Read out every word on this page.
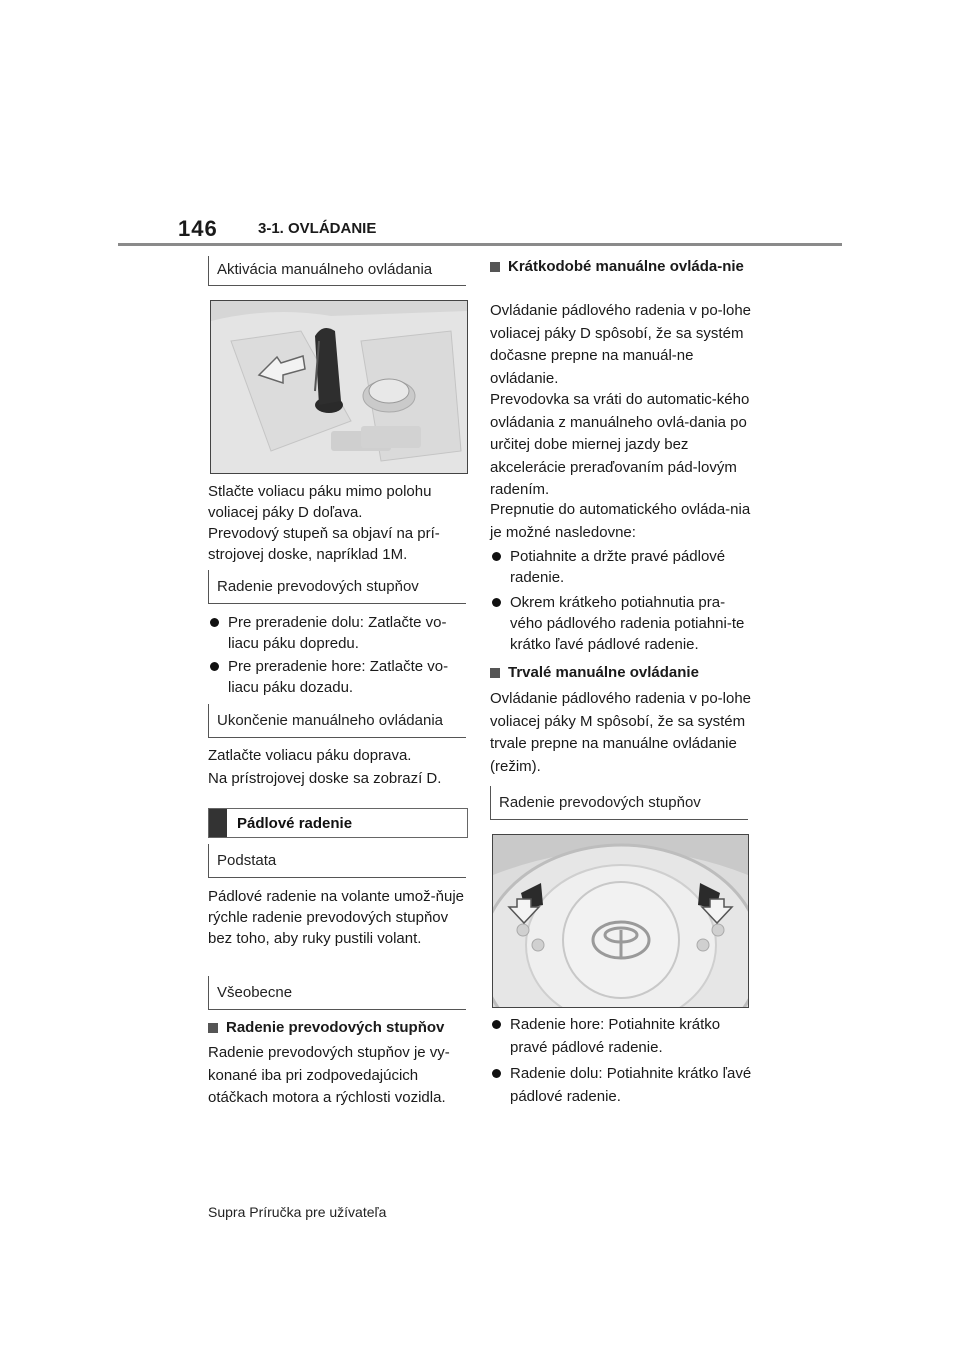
146	3-1. OVLÁDANIE
Aktivácia manuálneho ovládania
Stlačte voliacu páku mimo polohu voliacej páky D doľava.
Prevodový stupeň sa objaví na prí-strojovej doske, napríklad 1M.
Radenie prevodových stupňov
Pre preradenie dolu: Zatlačte vo-liacu páku dopredu.
Pre preradenie hore: Zatlačte vo-liacu páku dozadu.
Ukončenie manuálneho ovládania
Zatlačte voliacu páku doprava.
Na prístrojovej doske sa zobrazí D.
Pádlové radenie
Podstata
Pádlové radenie na volante umož-ňuje rýchle radenie prevodových stupňov bez toho, aby ruky pustili volant.
Všeobecne
Radenie prevodových stupňov
Radenie prevodových stupňov je vy-konané iba pri zodpovedajúcich otáčkach motora a rýchlosti vozidla.
Krátkodobé manuálne ovláda-nie
Ovládanie pádlového radenia v po-lohe voliacej páky D spôsobí, že sa systém dočasne prepne na manuál-ne ovládanie.
Prevodovka sa vráti do automatic-kého ovládania z manuálneho ovlá-dania po určitej dobe miernej jazdy bez akcelerácie preraďovaním pád-lovým radením.
Prepnutie do automatického ovláda-nia je možné nasledovne:
Potiahnite a držte pravé pádlové radenie.
Okrem krátkeho potiahnutia pra-vého pádlového radenia potiahni-te krátko ľavé pádlové radenie.
Trvalé manuálne ovládanie
Ovládanie pádlového radenia v po-lohe voliacej páky M spôsobí, že sa systém trvale prepne na manuálne ovládanie (režim).
Radenie prevodových stupňov
Radenie hore: Potiahnite krátko pravé pádlové radenie.
Radenie dolu: Potiahnite krátko ľavé pádlové radenie.
Supra Príručka pre užívateľa
